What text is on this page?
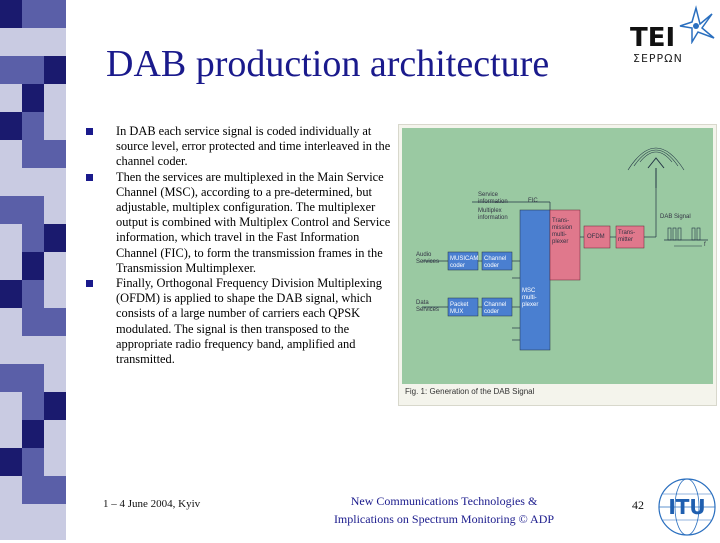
DAB production architecture
TEI
ΣΕΡΡΩΝ
In DAB each service signal is coded individually at source level, error protected and time interleaved in the channel coder.
Then the services are multiplexed in the Main Service Channel (MSC), according to a pre-determined, but adjustable, multiplex configuration. The multiplexer output is combined with Multiplex Control and Service information, which travel in the Fast Information Channel (FIC), to form the transmission frames in the Transmission Multimplexer.
Finally, Orthogonal Frequency Division Multiplexing (OFDM) is applied to shape the DAB signal, which consists of a large number of carriers each QPSK modulated. The signal is then transposed to the appropriate radio frequency band, amplified and transmitted.
Service information
Multiplex information
FIC
Trans-mission multi-plexer
OFDM
Trans-mitter
DAB Signal
Audio Services
Data Services
MUSICAM coder
Channel coder
Packet MUX
Channel coder
MSC multi-plexer
f
Fig. 1: Generation of the DAB Signal
1 – 4 June 2004, Kyiv	New Communications Technologies &
Implications on Spectrum Monitoring © ADP
42 ITU
